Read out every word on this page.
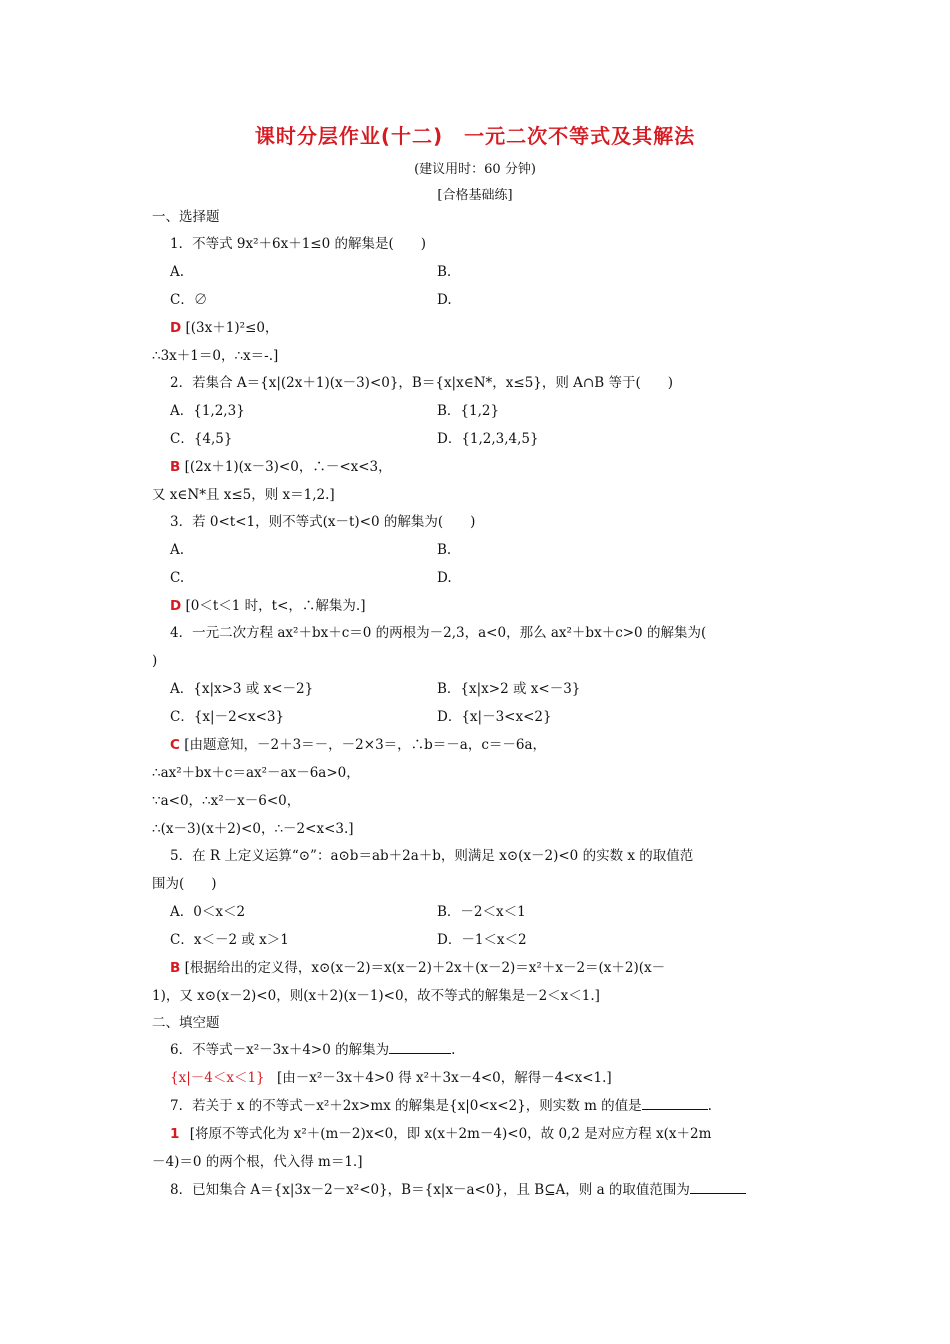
课时分层作业(十二)　一元二次不等式及其解法
(建议用时：60 分钟)
[合格基础练]
一、选择题
1．不等式 9x²＋6x＋1≤0 的解集是(　　)
A.	B.
C．∅	D.
D [(3x＋1)²≤0，
∴3x＋1＝0，∴x＝-.]
2．若集合 A＝{x|(2x＋1)(x－3)<0}，B＝{x|x∈N*，x≤5}，则 A∩B 等于(　　)
A．{1,2,3}	B．{1,2}
C．{4,5}	D．{1,2,3,4,5}
B [(2x＋1)(x－3)<0，∴－<x<3，
又 x∈N*且 x≤5，则 x＝1,2.]
3．若 0<t<1，则不等式(x－t)<0 的解集为(　　)
A.	B.
C.	D.
D [0＜t＜1 时，t<，∴解集为.]
4．一元二次方程 ax²＋bx＋c＝0 的两根为－2,3，a<0，那么 ax²＋bx＋c>0 的解集为(
)
A．{x|x>3 或 x<－2}	B．{x|x>2 或 x<－3}
C．{x|－2<x<3}	D．{x|－3<x<2}
C [由题意知，－2＋3＝－，－2×3＝，∴b＝－a，c＝－6a，
∴ax²＋bx＋c＝ax²－ax－6a>0，
∵a<0，∴x²－x－6<0，
∴(x－3)(x＋2)<0，∴－2<x<3.]
5．在 R 上定义运算“⊙”：a⊙b＝ab＋2a＋b，则满足 x⊙(x－2)<0 的实数 x 的取值范
围为(　　)
A．0＜x＜2	B．－2＜x＜1
C．x＜－2 或 x＞1	D．－1＜x＜2
B [根据给出的定义得，x⊙(x－2)＝x(x－2)＋2x＋(x－2)＝x²＋x－2＝(x＋2)(x－
1)，又 x⊙(x－2)<0，则(x＋2)(x－1)<0，故不等式的解集是－2＜x＜1.]
二、填空题
6．不等式－x²－3x＋4>0 的解集为	.
{x|－4＜x＜1} [由－x²－3x＋4>0 得 x²＋3x－4<0，解得－4<x<1.]
7．若关于 x 的不等式－x²＋2x>mx 的解集是{x|0<x<2}，则实数 m 的值是	.
1 [将原不等式化为 x²＋(m－2)x<0，即 x(x＋2m－4)<0，故 0,2 是对应方程 x(x＋2m
－4)＝0 的两个根，代入得 m＝1.]
8．已知集合 A＝{x|3x－2－x²<0}，B＝{x|x－a<0}，且 B⊆A，则 a 的取值范围为
